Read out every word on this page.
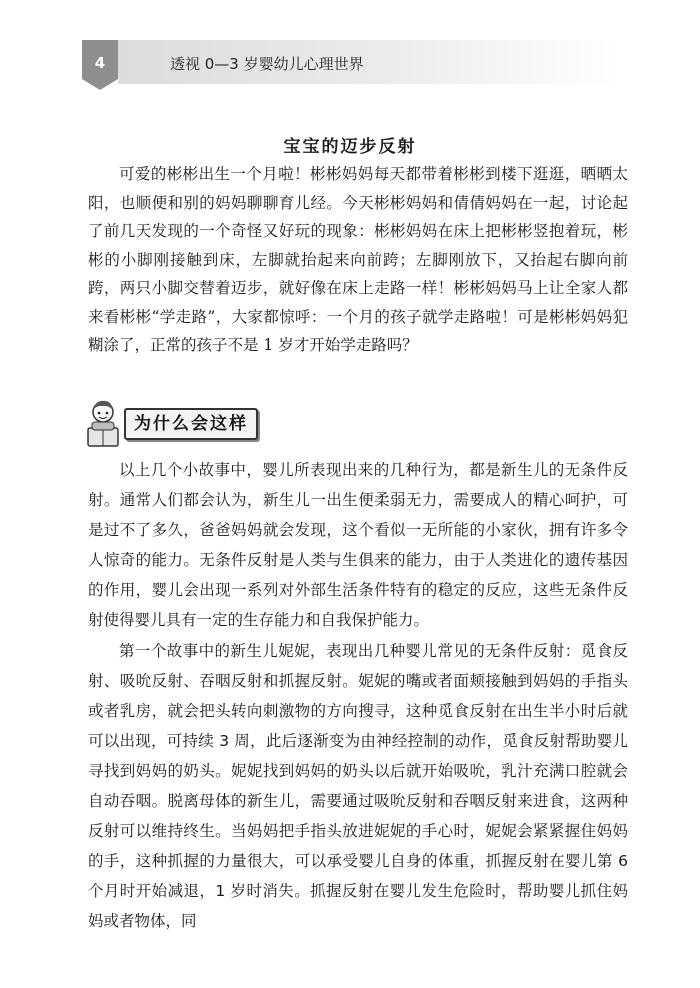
4	透视 0—3 岁婴幼儿心理世界
宝宝的迈步反射

可爱的彬彬出生一个月啦！彬彬妈妈每天都带着彬彬到楼下逛逛，晒晒太阳，也顺便和别的妈妈聊聊育儿经。今天彬彬妈妈和倩倩妈妈在一起，讨论起了前几天发现的一个奇怪又好玩的现象：彬彬妈妈在床上把彬彬竖抱着玩，彬彬的小脚刚接触到床，左脚就抬起来向前跨；左脚刚放下，又抬起右脚向前跨，两只小脚交替着迈步，就好像在床上走路一样！彬彬妈妈马上让全家人都来看彬彬“学走路”，大家都惊呼：一个月的孩子就学走路啦！可是彬彬妈妈犯糊涂了，正常的孩子不是 1 岁才开始学走路吗？

为什么会这样

以上几个小故事中，婴儿所表现出来的几种行为，都是新生儿的无条件反射。通常人们都会认为，新生儿一出生便柔弱无力，需要成人的精心呵护，可是过不了多久，爸爸妈妈就会发现，这个看似一无所能的小家伙，拥有许多令人惊奇的能力。无条件反射是人类与生俱来的能力，由于人类进化的遗传基因的作用，婴儿会出现一系列对外部生活条件特有的稳定的反应，这些无条件反射使得婴儿具有一定的生存能力和自我保护能力。

第一个故事中的新生儿妮妮，表现出几种婴儿常见的无条件反射：觅食反射、吸吮反射、吞咽反射和抓握反射。妮妮的嘴或者面颊接触到妈妈的手指头或者乳房，就会把头转向刺激物的方向搜寻，这种觅食反射在出生半小时后就可以出现，可持续 3 周，此后逐渐变为由神经控制的动作，觅食反射帮助婴儿寻找到妈妈的奶头。妮妮找到妈妈的奶头以后就开始吸吮，乳汁充满口腔就会自动吞咽。脱离母体的新生儿，需要通过吸吮反射和吞咽反射来进食，这两种反射可以维持终生。当妈妈把手指头放进妮妮的手心时，妮妮会紧紧握住妈妈的手，这种抓握的力量很大，可以承受婴儿自身的体重，抓握反射在婴儿第 6 个月时开始减退，1 岁时消失。抓握反射在婴儿发生危险时，帮助婴儿抓住妈妈或者物体，同
